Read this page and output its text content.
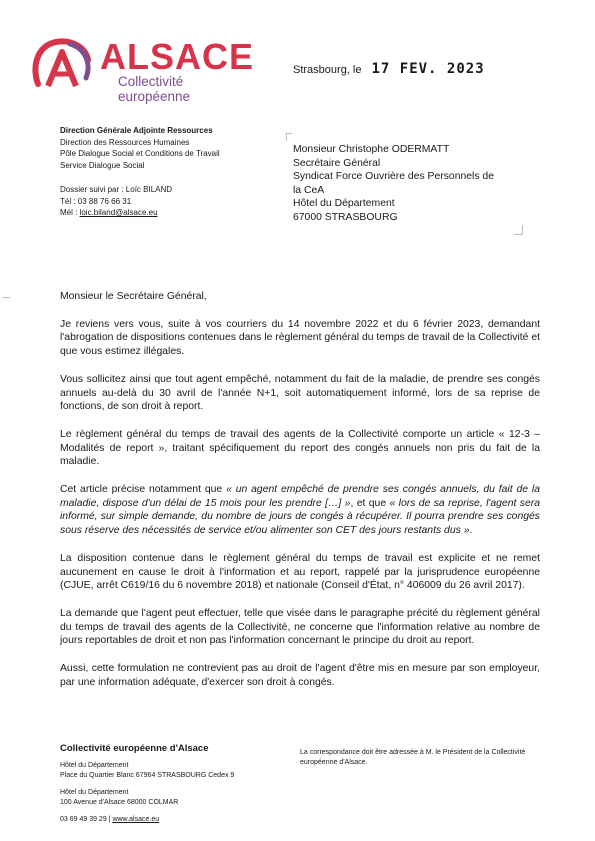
ALSACE
Collectivité européenne
Strasbourg, le 17 FEV. 2023
Direction Générale Adjointe Ressources
Direction des Ressources Humaines
Pôle Dialogue Social et Conditions de Travail
Service Dialogue Social
Dossier suivi par : Loïc BILAND
Tél : 03 88 76 66 31
Mél : loic.biland@alsace.eu
Monsieur Christophe ODERMATT
Secrétaire Général
Syndicat Force Ouvrière des Personnels de
la CeA
Hôtel du Département
67000 STRASBOURG

Monsieur le Secrétaire Général,

Je reviens vers vous, suite à vos courriers du 14 novembre 2022 et du 6 février 2023, demandant l'abrogation de dispositions contenues dans le règlement général du temps de travail de la Collectivité et que vous estimez illégales.

Vous sollicitez ainsi que tout agent empêché, notamment du fait de la maladie, de prendre ses congés annuels au-delà du 30 avril de l'année N+1, soit automatiquement informé, lors de sa reprise de fonctions, de son droit à report.

Le règlement général du temps de travail des agents de la Collectivité comporte un article « 12-3 – Modalités de report », traitant spécifiquement du report des congés annuels non pris du fait de la maladie.

Cet article précise notamment que « un agent empêché de prendre ses congés annuels, du fait de la maladie, dispose d'un délai de 15 mois pour les prendre […] », et que « lors de sa reprise, l'agent sera informé, sur simple demande, du nombre de jours de congés à récupérer. Il pourra prendre ses congés sous réserve des nécessités de service et/ou alimenter son CET des jours restants dus ».

La disposition contenue dans le règlement général du temps de travail est explicite et ne remet aucunement en cause le droit à l'information et au report, rappelé par la jurisprudence européenne (CJUE, arrêt C619/16 du 6 novembre 2018) et nationale (Conseil d'État, n° 406009 du 26 avril 2017).

La demande que l'agent peut effectuer, telle que visée dans le paragraphe précité du règlement général du temps de travail des agents de la Collectivité, ne concerne que l'information relative au nombre de jours reportables de droit et non pas l'information concernant le principe du droit au report.

Aussi, cette formulation ne contrevient pas au droit de l'agent d'être mis en mesure par son employeur, par une information adéquate, d'exercer son droit à congés.

Collectivité européenne d'Alsace
Hôtel du Département
Place du Quartier Blanc 67964 STRASBOURG Cedex 9
Hôtel du Département
100 Avenue d'Alsace 68000 COLMAR
03 69 49 39 29 | www.alsace.eu
La correspondance doit être adressée à M. le Président de la Collectivité européenne d'Alsace.
